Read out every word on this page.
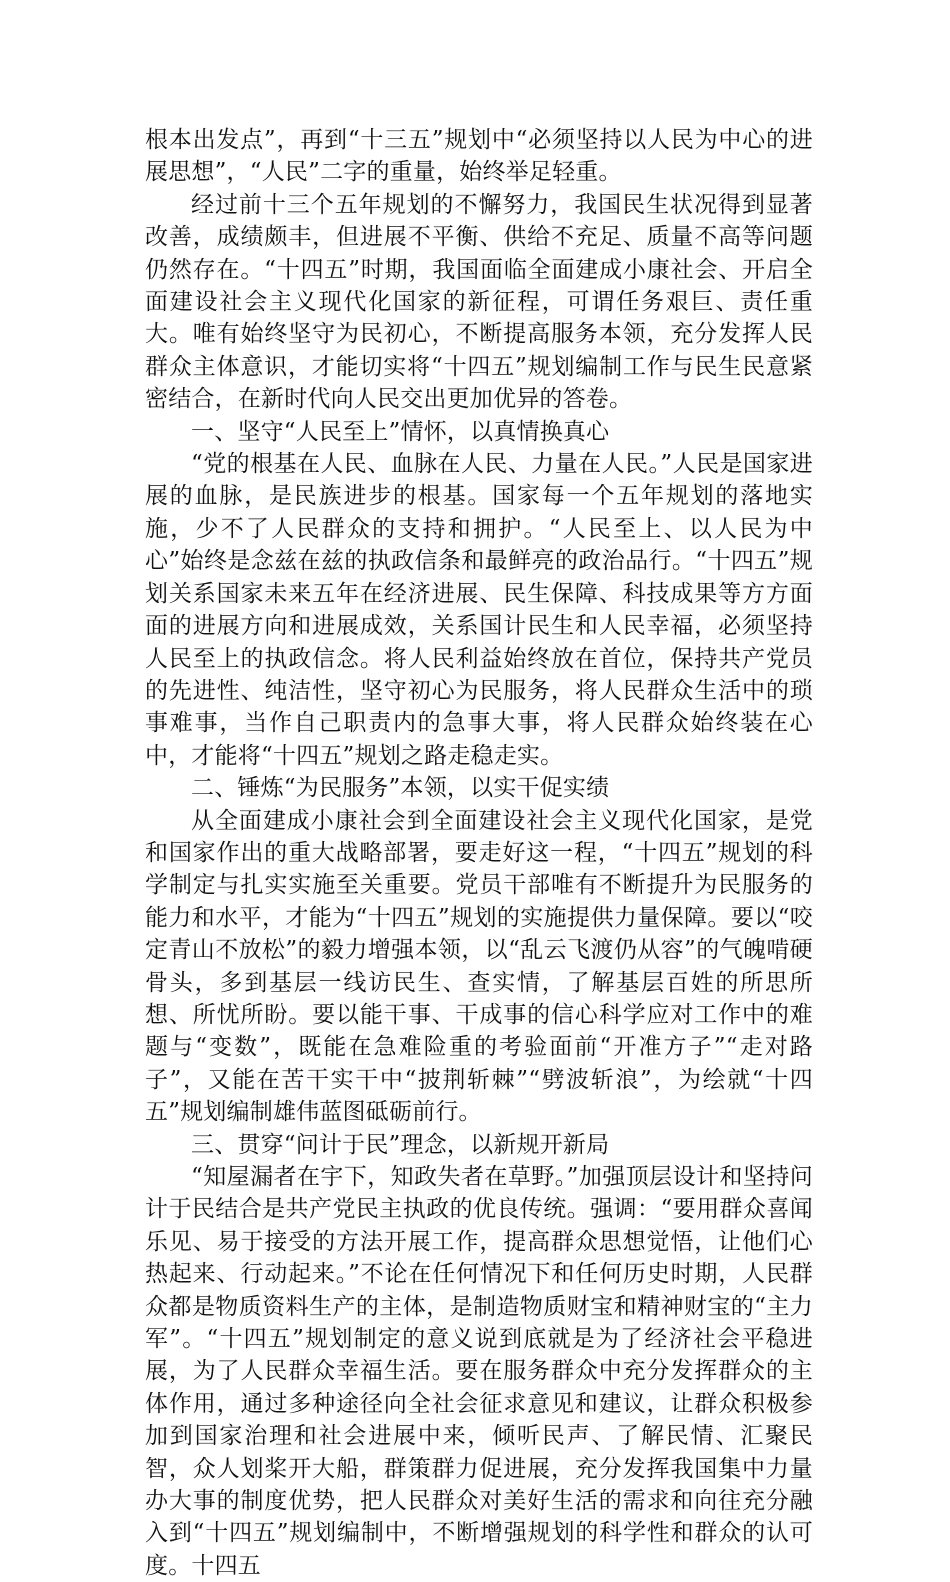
根本出发点”，再到“十三五”规划中“必须坚持以人民为中心的进展思想”，“人民”二字的重量，始终举足轻重。

经过前十三个五年规划的不懈努力，我国民生状况得到显著改善，成绩颇丰，但进展不平衡、供给不充足、质量不高等问题仍然存在。“十四五”时期，我国面临全面建成小康社会、开启全面建设社会主义现代化国家的新征程，可谓任务艰巨、责任重大。唯有始终坚守为民初心，不断提高服务本领，充分发挥人民群众主体意识，才能切实将“十四五”规划编制工作与民生民意紧密结合，在新时代向人民交出更加优异的答卷。

一、坚守“人民至上”情怀，以真情换真心

“党的根基在人民、血脉在人民、力量在人民。”人民是国家进展的血脉，是民族进步的根基。国家每一个五年规划的落地实施，少不了人民群众的支持和拥护。“人民至上、以人民为中心”始终是念兹在兹的执政信条和最鲜亮的政治品行。“十四五”规划关系国家未来五年在经济进展、民生保障、科技成果等方方面面的进展方向和进展成效，关系国计民生和人民幸福，必须坚持人民至上的执政信念。将人民利益始终放在首位，保持共产党员的先进性、纯洁性，坚守初心为民服务，将人民群众生活中的琐事难事，当作自己职责内的急事大事，将人民群众始终装在心中，才能将“十四五”规划之路走稳走实。

二、锤炼“为民服务”本领，以实干促实绩

从全面建成小康社会到全面建设社会主义现代化国家，是党和国家作出的重大战略部署，要走好这一程，“十四五”规划的科学制定与扎实实施至关重要。党员干部唯有不断提升为民服务的能力和水平，才能为“十四五”规划的实施提供力量保障。要以“咬定青山不放松”的毅力增强本领，以“乱云飞渡仍从容”的气魄啃硬骨头，多到基层一线访民生、查实情，了解基层百姓的所思所想、所忧所盼。要以能干事、干成事的信心科学应对工作中的难题与“变数”，既能在急难险重的考验面前“开准方子”“走对路子”，又能在苦干实干中“披荆斩棘”“劈波斩浪”，为绘就“十四五”规划编制雄伟蓝图砥砺前行。

三、贯穿“问计于民”理念，以新规开新局

“知屋漏者在宇下，知政失者在草野。”加强顶层设计和坚持问计于民结合是共产党民主执政的优良传统。强调：“要用群众喜闻乐见、易于接受的方法开展工作，提高群众思想觉悟，让他们心热起来、行动起来。”不论在任何情况下和任何历史时期，人民群众都是物质资料生产的主体，是制造物质财宝和精神财宝的“主力军”。“十四五”规划制定的意义说到底就是为了经济社会平稳进展，为了人民群众幸福生活。要在服务群众中充分发挥群众的主体作用，通过多种途径向全社会征求意见和建议，让群众积极参加到国家治理和社会进展中来，倾听民声、了解民情、汇聚民智，众人划桨开大船，群策群力促进展，充分发挥我国集中力量办大事的制度优势，把人民群众对美好生活的需求和向往充分融入到“十四五”规划编制中，不断增强规划的科学性和群众的认可度。十四五
